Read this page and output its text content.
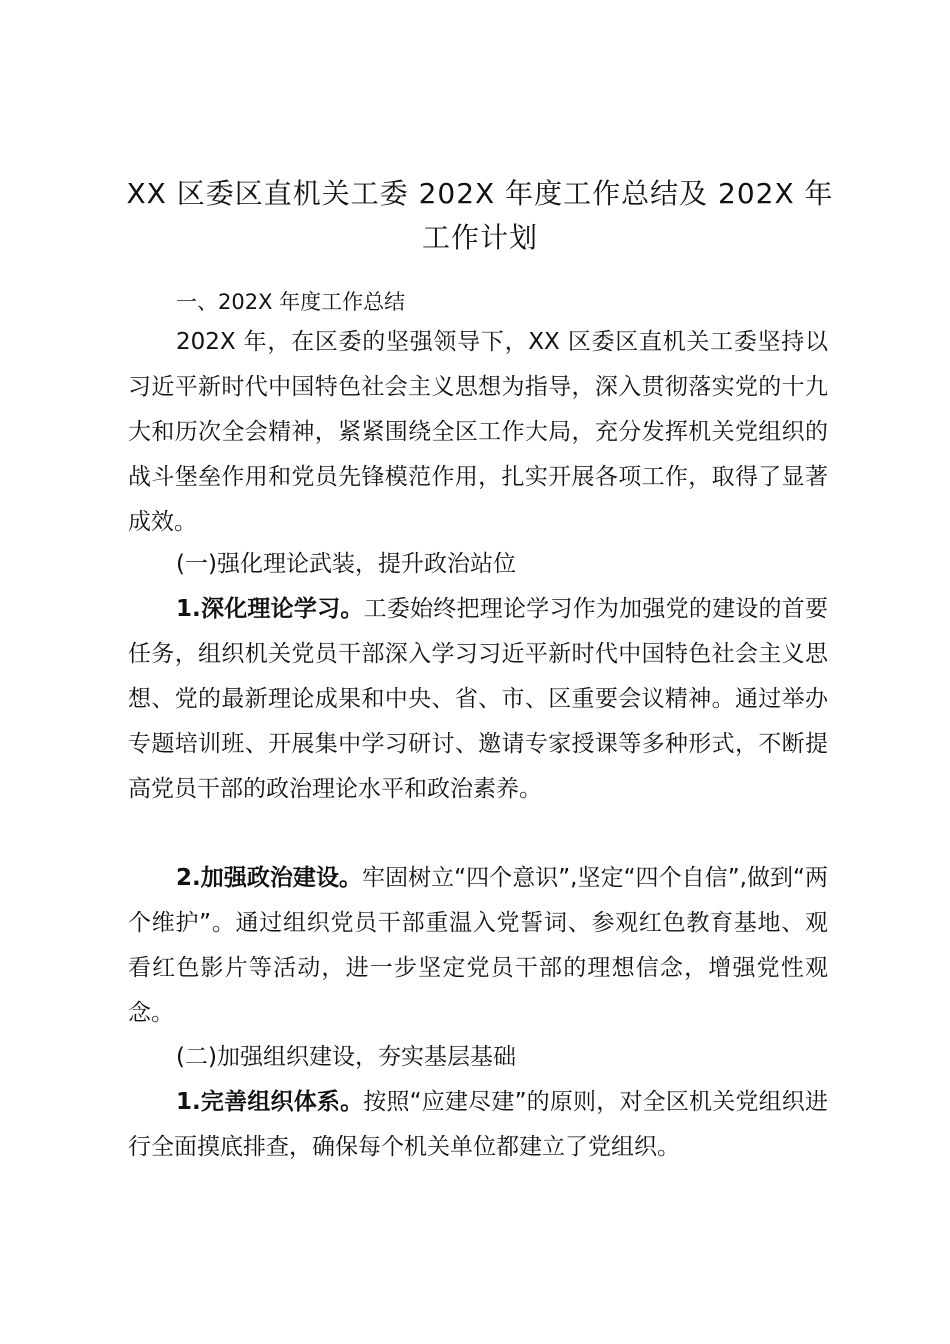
XX 区委区直机关工委 202X 年度工作总结及 202X 年工作计划
一、202X 年度工作总结
202X 年，在区委的坚强领导下，XX 区委区直机关工委坚持以习近平新时代中国特色社会主义思想为指导，深入贯彻落实党的十九大和历次全会精神，紧紧围绕全区工作大局，充分发挥机关党组织的战斗堡垒作用和党员先锋模范作用，扎实开展各项工作，取得了显著成效。
(一)强化理论武装，提升政治站位
1.深化理论学习。工委始终把理论学习作为加强党的建设的首要任务，组织机关党员干部深入学习习近平新时代中国特色社会主义思想、党的最新理论成果和中央、省、市、区重要会议精神。通过举办专题培训班、开展集中学习研讨、邀请专家授课等多种形式，不断提高党员干部的政治理论水平和政治素养。
2.加强政治建设。牢固树立“四个意识”,坚定“四个自信”,做到“两个维护”。通过组织党员干部重温入党誓词、参观红色教育基地、观看红色影片等活动，进一步坚定党员干部的理想信念，增强党性观念。
(二)加强组织建设，夯实基层基础
1.完善组织体系。按照“应建尽建”的原则，对全区机关党组织进行全面摸底排查，确保每个机关单位都建立了党组织。
